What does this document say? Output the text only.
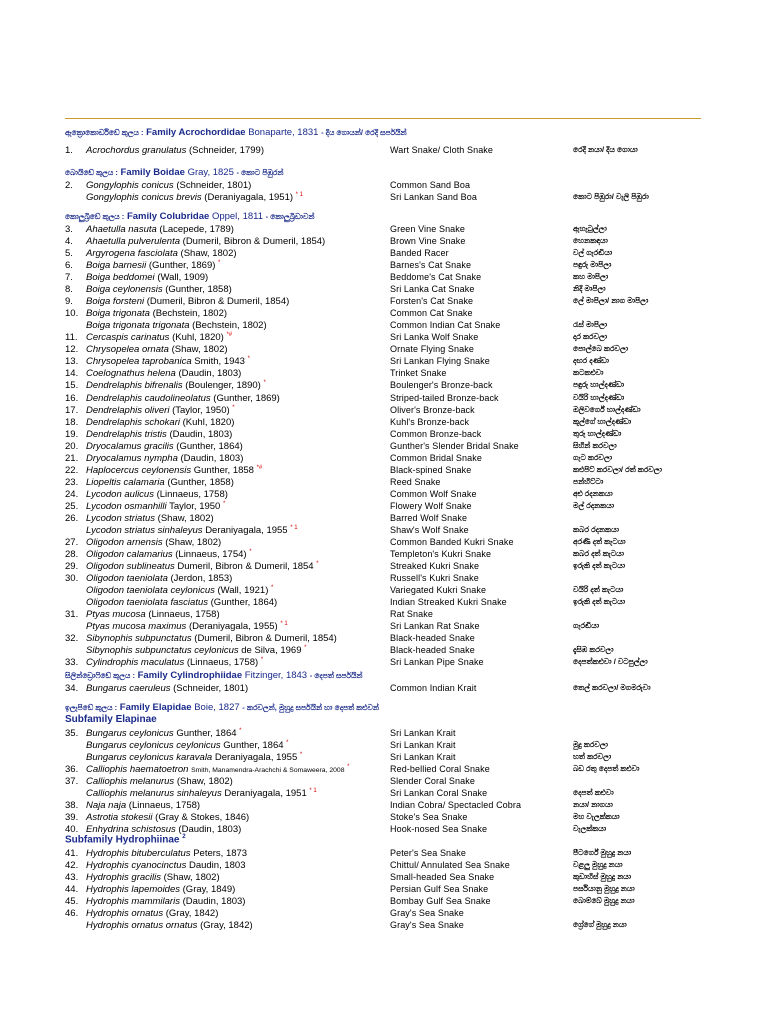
ඇක්‍රොකොර්ඩිඩේ කුලය : Family Acrochordidae Bonaparte, 1831 - දිය ගොයන්/ රෙදි සර්පයින්
1. Acrochordus granulatus (Schneider, 1799)	Wart Snake/ Cloth Snake	රෙදි නයා/ දිය ගොයා
බොයිඩේ කුලය : Family Boidae Gray, 1825 - කොට පිඹුරන්
2. Gongylophis conicus (Schneider, 1801)	Common Sand Boa
Gongylophis conicus brevis (Deraniyagala, 1951) $^{* 1}$	Sri Lankan Sand Boa	කොට පිඹුරා/ වැලි පිඹුරා
කොලුබ්‍රිඩේ කුලය : Family Colubridae Oppel, 1811 - කොලුබ්‍රිඩාවන්
3. Ahaetulla nasuta (Lacepede, 1789)	Green Vine Snake	ඇහැටුල්ලා
4. Ahaetulla pulverulenta (Dumeril, Bibron & Dumeril, 1854)	Brown Vine Snake	හෙනකඳයා
5. Argyrogena fasciolata (Shaw, 1802)	Banded Racer	වල් ගැරඬියා
6. Boiga barnesii (Gunther, 1869) *	Barnes's Cat Snake	පඳුරු මාපිලා
7. Boiga beddomei (Wall, 1909)	Beddome's Cat Snake	කහ මාපිලා
8. Boiga ceylonensis (Gunther, 1858)	Sri Lanka Cat Snake	නිදි මාපිලා
9. Boiga forsteni (Dumeril, Bibron & Dumeril, 1854)	Forsten's Cat Snake	ලේ මාපිලා/ නාග මාපිලා
10. Boiga trigonata (Bechstein, 1802)	Common Cat Snake
Boiga trigonata trigonata (Bechstein, 1802)	Common Indian Cat Snake	රැස් මාපිලා
11. Cercaspis carinatus (Kuhl, 1820) *#	Sri Lanka Wolf Snake	දාර කරවලා
12. Chrysopelea ornata (Shaw, 1802)	Ornate Flying Snake	පොල්බෙ කරවලා
13. Chrysopelea taprobanica Smith, 1943 *	Sri Lankan Flying Snake	දඟර දණ්ඩා
14. Coelognathus helena (Daudin, 1803)	Trinket Snake	කටකළුවා
15. Dendrelaphis bifrenalis (Boulenger, 1890) *	Boulenger's Bronze-back	පඳුරු හාල්දණ්ඩා
16. Dendrelaphis caudolineolatus (Gunther, 1869)	Striped-tailed Bronze-back	වයිරි හාල්දණ්ඩා
17. Dendrelaphis oliveri (Taylor, 1950) *	Oliver's Bronze-back	ඔලිවර්ගේ හාල්දණ්ඩා
18. Dendrelaphis schokari (Kuhl, 1820)	Kuhl's Bronze-back	කූල්ගේ හාල්දණ්ඩා
19. Dendrelaphis tristis (Daudin, 1803)	Common Bronze-back	තුරු හාල්දණ්ඩා
20. Dryocalamus gracilis (Gunther, 1864)	Gunther's Slender Bridal Snake	සිහින් කරවලා
21. Dryocalamus nympha (Daudin, 1803)	Common Bridal Snake	ගැට කරවලා
22. Haplocercus ceylonensis Gunther, 1858 *#	Black-spined Snake	කළුපිට් කරවලා/ රත් කරවලා
23. Liopeltis calamaria (Gunther, 1858)	Reed Snake	පන්හිට්ටා
24. Lycodon aulicus (Linnaeus, 1758)	Common Wolf Snake	අළු රදනකයා
25. Lycodon osmanhilli Taylor, 1950 *	Flowery Wolf Snake	මල් රදනකයා
26. Lycodon striatus (Shaw, 1802)	Barred Wolf Snake
Lycodon striatus sinhaleyus Deraniyagala, 1955 $^{* 1}$	Shaw's Wolf Snake	කබර රදනකයා
27. Oligodon arnensis (Shaw, 1802)	Common Banded Kukri Snake	අරණි දත් කැටයා
28. Oligodon calamarius (Linnaeus, 1754) *	Templeton's Kukri Snake	කබර දත් කැටයා
29. Oligodon sublineatus Dumeril, Bibron & Dumeril, 1854 *	Streaked Kukri Snake	ඉරුකි දත් කැටයා
30. Oligodon taeniolata (Jerdon, 1853)	Russell's Kukri Snake
Oligodon taeniolata ceylonicus (Wall, 1921) *	Variegated Kukri Snake	වයිරි දත් කැටයා
Oligodon taeniolata fasciatus (Gunther, 1864)	Indian Streaked Kukri Snake	ඉරුකි දත් කැටයා
31. Ptyas mucosa (Linnaeus, 1758)	Rat Snake
Ptyas mucosa maximus (Deraniyagala, 1955) $^{* 1}$	Sri Lankan Rat Snake	ගැරඬියා
32. Sibynophis subpunctatus (Dumeril, Bibron & Dumeril, 1854)	Black-headed Snake
Sibynophis subpunctatus ceylonicus de Silva, 1969 *	Black-headed Snake	දැසිඹ කරවලා
33. Cylindrophis maculatus (Linnaeus, 1758) *	Sri Lankan Pipe Snake	දෙපත්කළුවා / වටපුල්ලා
සිලින්ඩ්‍රොෆිඩේ කුලය : Family Cylindrophiidae Fitzinger, 1843 - දෙපත් සර්පයින්
34. Bungarus caeruleus (Schneider, 1801)	Common Indian Krait	තෙල් කරවලා/ මගමරුවා
ඉලැපිඩේ කුලය : Family Elapidae Boie, 1827 - කරවලන්, මුහුදු සර්පයින් හා දෙපත් කළුවන්
Subfamily Elapinae
35. Bungarus ceylonicus Gunther, 1864 *	Sri Lankan Krait
Bungarus ceylonicus ceylonicus Gunther, 1864 *	Sri Lankan Krait	මුදු කරවලා
Bungarus ceylonicus karavala Deraniyagala, 1955 *	Sri Lankan Krait	හත් කරවලා
36. Calliophis haematoetron Smith, Manamendra-Arachchi & Somaweera, 2008 *	Red-bellied Coral Snake	බඩ රතු දෙපත් කළුවා
37. Calliophis melanurus (Shaw, 1802)	Slender Coral Snake
Calliophis melanurus sinhaleyus Deraniyagala, 1951 $^{* 1}$	Sri Lankan Coral Snake	දෙපත් කළුවා
38. Naja naja (Linnaeus, 1758)	Indian Cobra/ Spectacled Cobra	නයා/ නාගයා
39. Astrotia stokesii (Gray & Stokes, 1846)	Stoke's Sea Snake	මහ වැලක්කයා
40. Enhydrina schistosus (Daudin, 1803)	Hook-nosed Sea Snake	වැලක්කයා
Subfamily Hydrophiinae $^2$
41. Hydrophis bituberculatus Peters, 1873	Peter's Sea Snake	පීටර්ගේ මුහුදු නයා
42. Hydrophis cyanocinctus Daudin, 1803	Chittul/ Annulated Sea Snake	වළලු මුහුදු නයා
43. Hydrophis gracilis (Shaw, 1802)	Small-headed Sea Snake	කුඩාහිස් මුහුදු නයා
44. Hydrophis lapemoides (Gray, 1849)	Persian Gulf Sea Snake	පර්සියානු මුහුදු නයා
45. Hydrophis mammilaris (Daudin, 1803)	Bombay Gulf Sea Snake	බොම්බේ මුහුදු නයා
46. Hydrophis ornatus (Gray, 1842)	Gray's Sea Snake
Hydrophis ornatus ornatus (Gray, 1842)	Gray's Sea Snake	ග්‍රේගේ මුහුදු නයා
